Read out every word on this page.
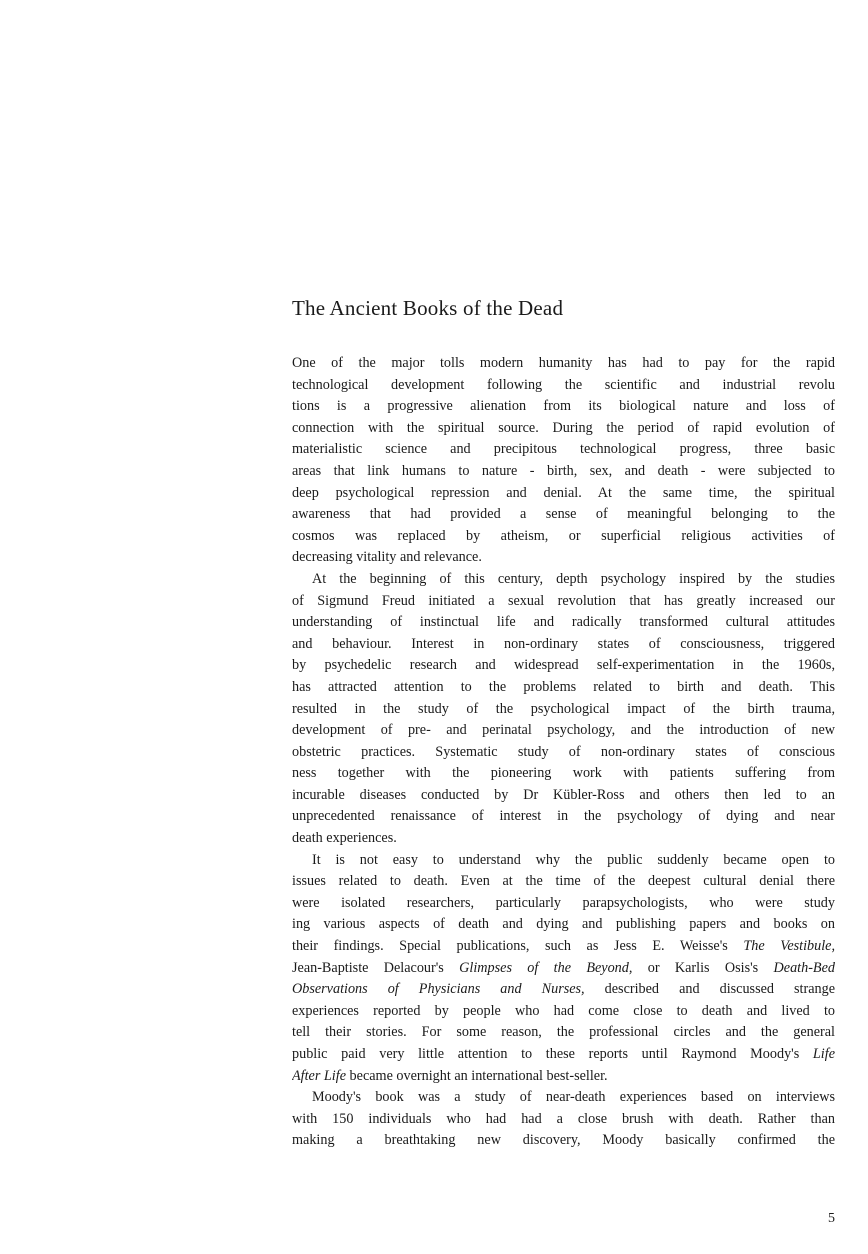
The Ancient Books of the Dead
One of the major tolls modern humanity has had to pay for the rapid
technological development following the scientific and industrial revolu
tions is a progressive alienation from its biological nature and loss of
connection with the spiritual source. During the period of rapid evolution of
materialistic science and precipitous technological progress, three basic
areas that link humans to nature - birth, sex, and death - were subjected to
deep psychological repression and denial. At the same time, the spiritual
awareness that had provided a sense of meaningful belonging to the
cosmos was replaced by atheism, or superficial religious activities of
decreasing vitality and relevance.
At the beginning of this century, depth psychology inspired by the studies
of Sigmund Freud initiated a sexual revolution that has greatly increased our
understanding of instinctual life and radically transformed cultural attitudes
and behaviour. Interest in non-ordinary states of consciousness, triggered
by psychedelic research and widespread self-experimentation in the 1960s,
has attracted attention to the problems related to birth and death. This
resulted in the study of the psychological impact of the birth trauma,
development of pre- and perinatal psychology, and the introduction of new
obstetric practices. Systematic study of non-ordinary states of conscious
ness together with the pioneering work with patients suffering from
incurable diseases conducted by Dr Kübler-Ross and others then led to an
unprecedented renaissance of interest in the psychology of dying and near
death experiences.
It is not easy to understand why the public suddenly became open to
issues related to death. Even at the time of the deepest cultural denial there
were isolated researchers, particularly parapsychologists, who were study
ing various aspects of death and dying and publishing papers and books on
their findings. Special publications, such as Jess E. Weisse's The Vestibule,
Jean-Baptiste Delacour's Glimpses of the Beyond, or Karlis Osis's Death-Bed
Observations of Physicians and Nurses, described and discussed strange
experiences reported by people who had come close to death and lived to
tell their stories. For some reason, the professional circles and the general
public paid very little attention to these reports until Raymond Moody's Life
After Life became overnight an international best-seller.
Moody's book was a study of near-death experiences based on interviews
with 150 individuals who had had a close brush with death. Rather than
making a breathtaking new discovery, Moody basically confirmed the
5
